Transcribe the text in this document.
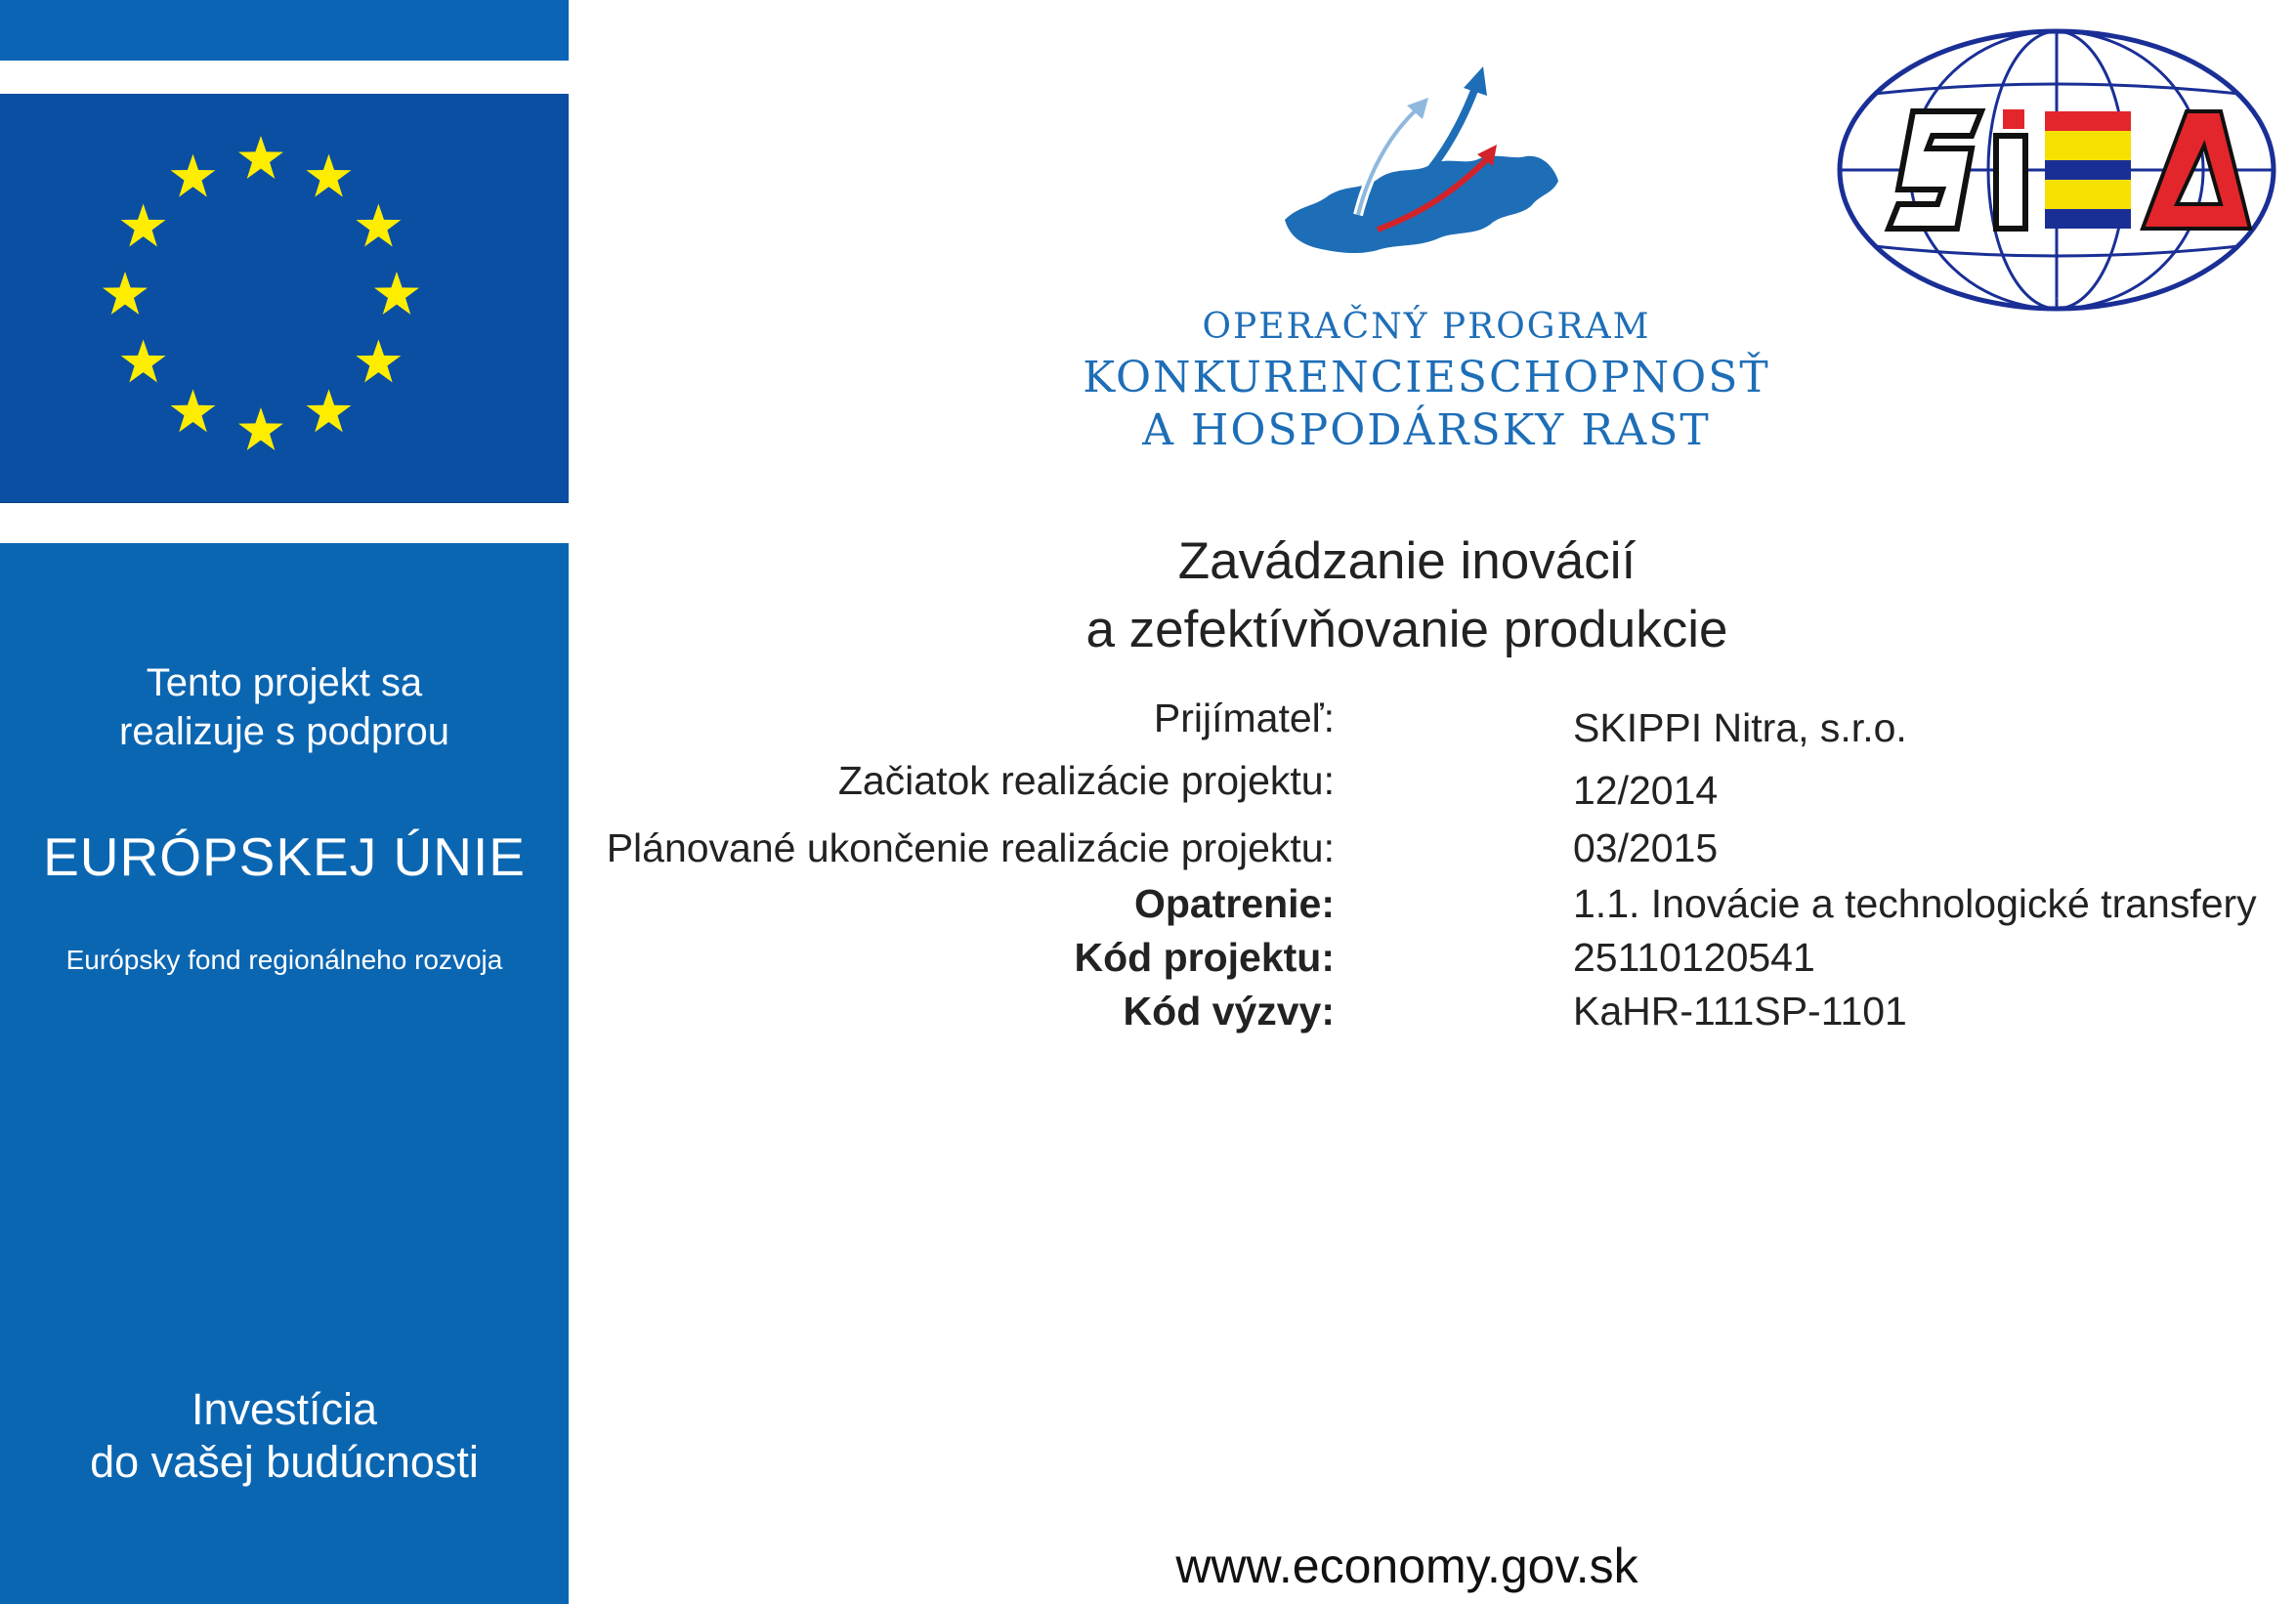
Tento projekt sa
realizuje s podprou
EURÓPSKEJ ÚNIE
Európsky fond regionálneho rozvoja
Investícia
do vašej budúcnosti
OPERAČNÝ PROGRAM
KONKURENCIESCHOPNOSŤ
A HOSPODÁRSKY RAST
SIEA
Zavádzanie inovácií
a zefektívňovanie produkcie
Prijímateľ:	SKIPPI Nitra, s.r.o.
Začiatok realizácie projektu:	12/2014
Plánované ukončenie realizácie projektu:	03/2015
Opatrenie:	1.1. Inovácie a technologické transfery
Kód projektu:	25110120541
Kód výzvy:	KaHR-111SP-1101
www.economy.gov.sk
